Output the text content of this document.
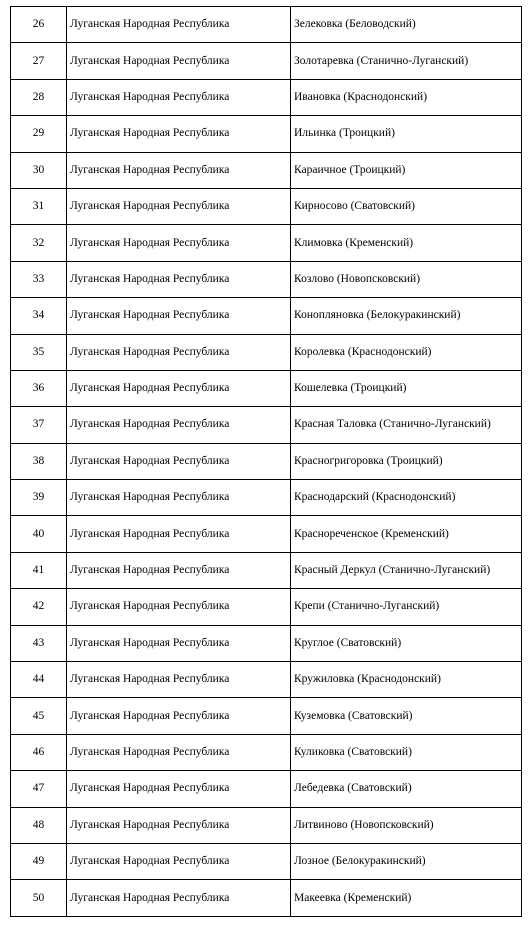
26	Луганская Народная Республика	Зелековка (Беловодский)
27	Луганская Народная Республика	Золотаревка (Станично-Луганский)
28	Луганская Народная Республика	Ивановка (Краснодонский)
29	Луганская Народная Республика	Ильинка (Троицкий)
30	Луганская Народная Республика	Караичное (Троицкий)
31	Луганская Народная Республика	Кирносово (Сватовский)
32	Луганская Народная Республика	Климовка (Кременский)
33	Луганская Народная Республика	Козлово (Новопсковский)
34	Луганская Народная Республика	Коноплянoвка (Белокуракинский)
35	Луганская Народная Республика	Королевка (Краснодонский)
36	Луганская Народная Республика	Кошелевка (Троицкий)
37	Луганская Народная Республика	Красная Таловка (Станично-Луганский)
38	Луганская Народная Республика	Красногригоровка (Троицкий)
39	Луганская Народная Республика	Краснодарский (Краснодонский)
40	Луганская Народная Республика	Краснореченское (Кременский)
41	Луганская Народная Республика	Красный Деркул (Станично-Луганский)
42	Луганская Народная Республика	Крепи (Станично-Луганский)
43	Луганская Народная Республика	Круглое (Сватовский)
44	Луганская Народная Республика	Кружиловка (Краснодонский)
45	Луганская Народная Республика	Куземовка (Сватовский)
46	Луганская Народная Республика	Куликовка (Сватовский)
47	Луганская Народная Республика	Лебедевка (Сватовский)
48	Луганская Народная Республика	Литвиново (Новопсковский)
49	Луганская Народная Республика	Лозное (Белокуракинский)
50	Луганская Народная Республика	Макеевка (Кременский)
